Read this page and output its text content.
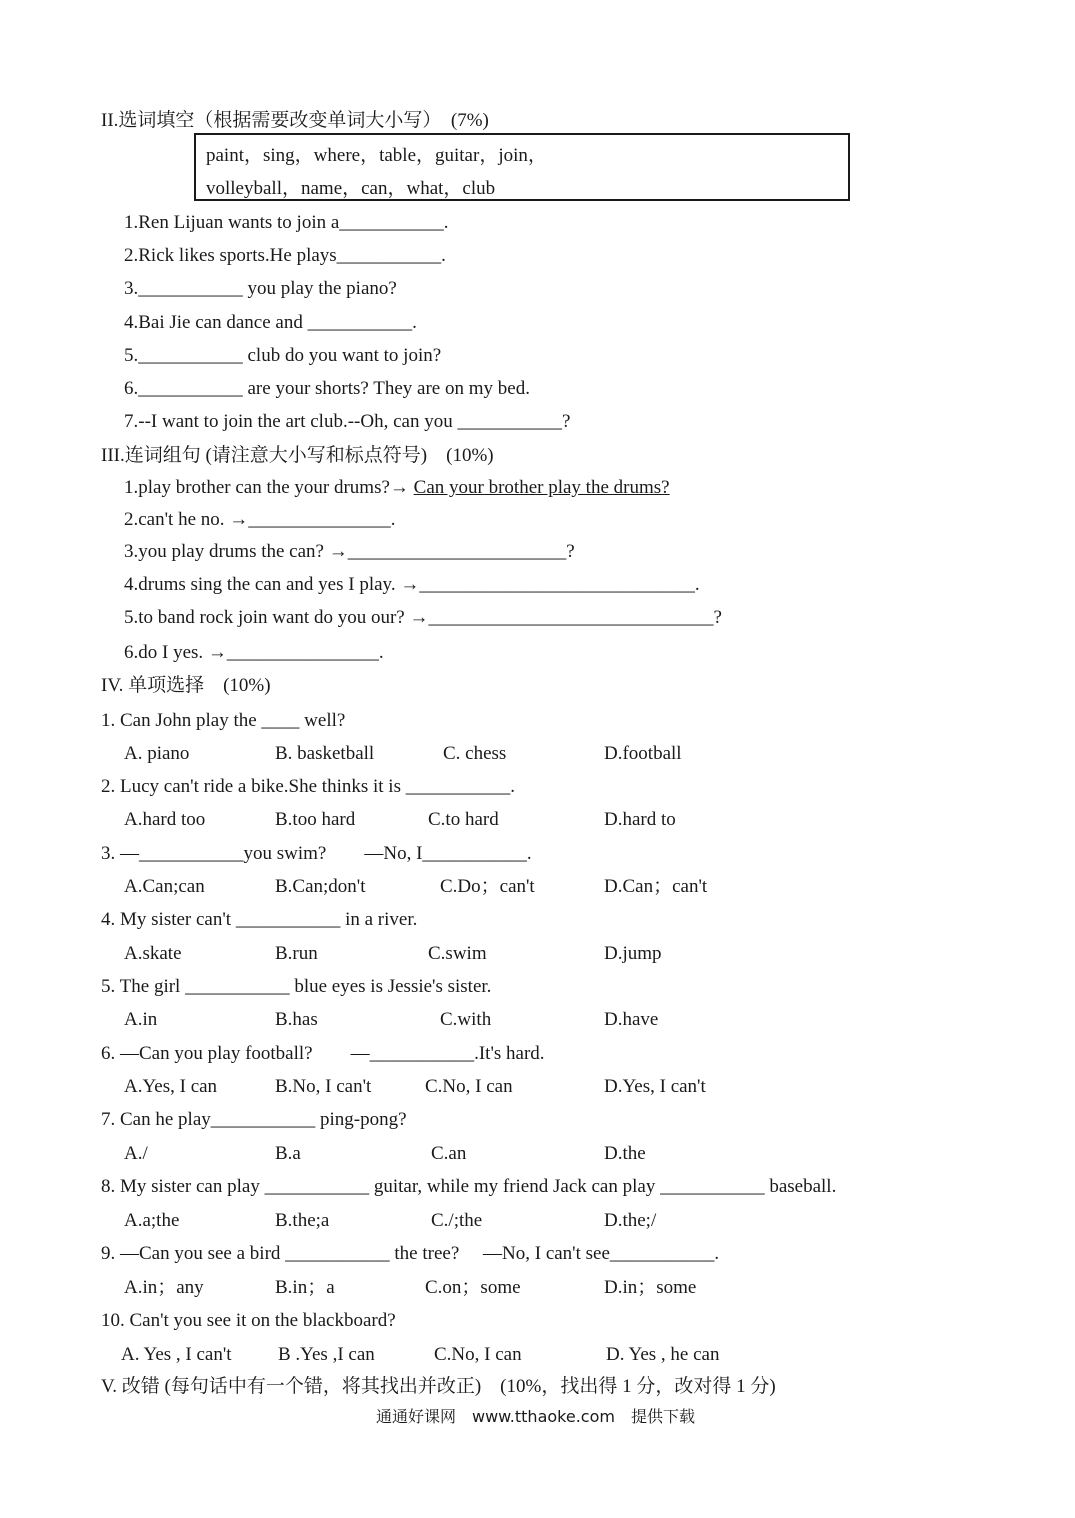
II.选词填空（根据需要改变单词大小写）　(7%)
paint，sing，where，table，guitar，join，
volleyball，name，can，what，club
1.Ren Lijuan wants to join a___________.
2.Rick likes sports.He plays___________.
3.___________ you play the piano?
4.Bai Jie can dance and ___________.
5.___________ club do you want to join?
6.___________ are your shorts? They are on my bed.
7.--I want to join the art club.--Oh, can you ___________?
III.连词组句 (请注意大小写和标点符号)　(10%)
1.play brother can the your drums?→ Can your brother play the drums?
2.can't he no. →_______________.
3.you play drums the can? →_______________________?
4.drums sing the can and yes I play. →_____________________________.
5.to band rock join want do you our? →______________________________?
6.do I yes. →________________.
IV. 单项选择　(10%)
1. Can John play the ____ well?
A. piano	B. basketball	C. chess	D.football
2. Lucy can't ride a bike.She thinks it is ___________.
A.hard too	B.too hard	C.to hard	D.hard to
3. —___________you swim?　　—No, I___________.
A.Can;can	B.Can;don't	C.Do；can't	D.Can；can't
4. My sister can't ___________ in a river.
A.skate	B.run	C.swim	D.jump
5. The girl ___________ blue eyes is Jessie's sister.
A.in	B.has	C.with	D.have
6. —Can you play football?　　—___________.It's hard.
A.Yes, I can	B.No, I can't	C.No, I can	D.Yes, I can't
7. Can he play___________ ping-pong?
A./	B.a	C.an	D.the
8. My sister can play ___________ guitar, while my friend Jack can play ___________ baseball.
A.a;the	B.the;a	C./;the	D.the;/
9. —Can you see a bird ___________ the tree?　 —No, I can't see___________.
A.in；any	B.in；a	C.on；some	D.in；some
10. Can't you see it on the blackboard?
A. Yes , I can't B .Yes ,I can	C.No, I can	D. Yes , he can
V. 改错 (每句话中有一个错，将其找出并改正)　(10%，找出得 1 分，改对得 1 分)
通通好课网　www.tthaoke.com　提供下载
